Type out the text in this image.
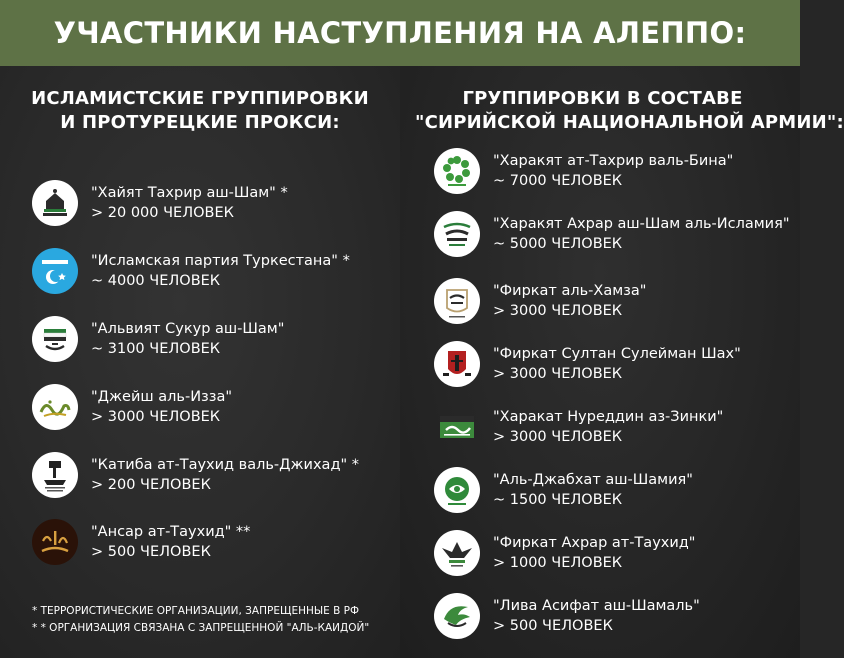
УЧАСТНИКИ НАСТУПЛЕНИЯ НА АЛЕППО:
ИСЛАМИСТСКИЕ ГРУППИРОВКИ
И ПРОТУРЕЦКИЕ ПРОКСИ:
ГРУППИРОВКИ В СОСТАВЕ
"СИРИЙСКОЙ НАЦИОНАЛЬНОЙ АРМИИ":
"Хайят Тахрир аш-Шам" *
> 20 000 ЧЕЛОВЕК
"Исламская партия Туркестана" *
~ 4000 ЧЕЛОВЕК
"Альвият Сукур аш-Шам"
~ 3100 ЧЕЛОВЕК
"Джейш аль-Изза"
> 3000 ЧЕЛОВЕК
"Катиба ат-Таухид валь-Джихад" *
> 200 ЧЕЛОВЕК
"Ансар ат-Таухид" **
> 500 ЧЕЛОВЕК
* ТЕРРОРИСТИЧЕСКИЕ ОРГАНИЗАЦИИ, ЗАПРЕЩЕННЫЕ В РФ
* * ОРГАНИЗАЦИЯ СВЯЗАНА С ЗАПРЕЩЕННОЙ "АЛЬ-КАИДОЙ"
"Харакят ат-Тахрир валь-Бина"
~ 7000 ЧЕЛОВЕК
"Харакят Ахрар аш-Шам аль-Исламия"
~ 5000 ЧЕЛОВЕК
"Фиркат аль-Хамза"
> 3000 ЧЕЛОВЕК
"Фиркат Султан Сулейман Шах"
> 3000 ЧЕЛОВЕК
"Харакат Нуреддин аз-Зинки"
> 3000 ЧЕЛОВЕК
"Аль-Джабхат аш-Шамия"
~ 1500 ЧЕЛОВЕК
"Фиркат Ахрар ат-Таухид"
> 1000 ЧЕЛОВЕК
"Лива Асифат аш-Шамаль"
> 500 ЧЕЛОВЕК
